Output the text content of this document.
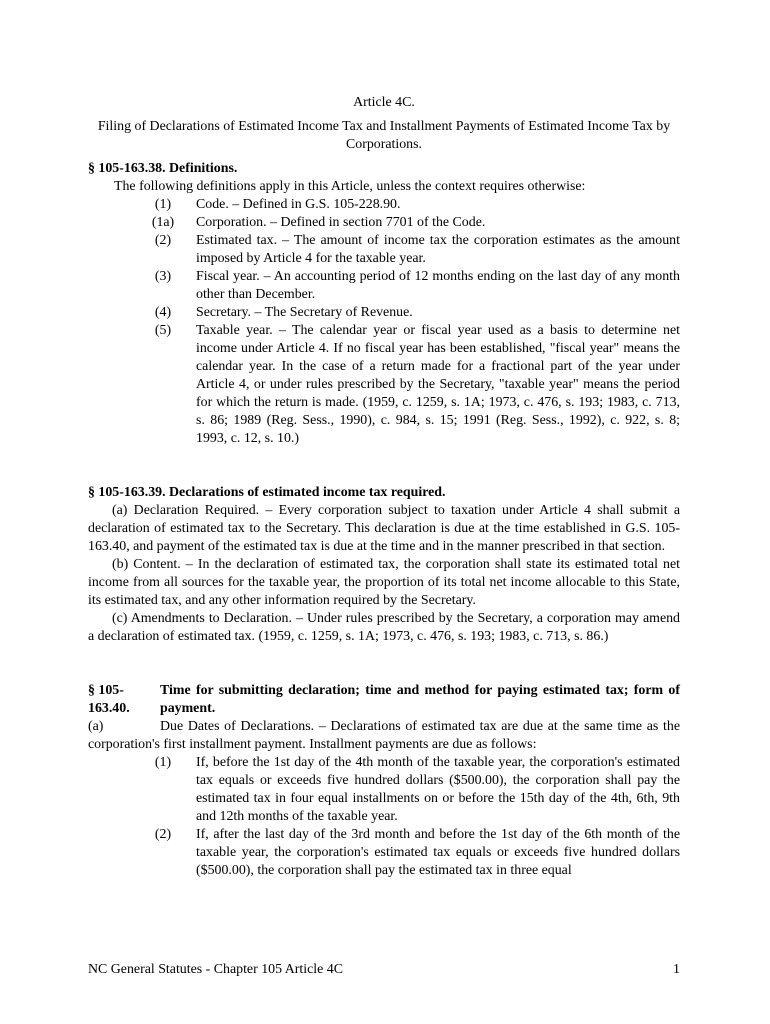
Article 4C.

Filing of Declarations of Estimated Income Tax and Installment Payments of Estimated Income Tax by Corporations.

§ 105-163.38. Definitions.

The following definitions apply in this Article, unless the context requires otherwise:

(1)	Code. – Defined in G.S. 105-228.90.
(1a)	Corporation. – Defined in section 7701 of the Code.
(2)	Estimated tax. – The amount of income tax the corporation estimates as the amount imposed by Article 4 for the taxable year.
(3)	Fiscal year. – An accounting period of 12 months ending on the last day of any month other than December.
(4)	Secretary. – The Secretary of Revenue.
(5)	Taxable year. – The calendar year or fiscal year used as a basis to determine net income under Article 4. If no fiscal year has been established, "fiscal year" means the calendar year. In the case of a return made for a fractional part of the year under Article 4, or under rules prescribed by the Secretary, "taxable year" means the period for which the return is made. (1959, c. 1259, s. 1A; 1973, c. 476, s. 193; 1983, c. 713, s. 86; 1989 (Reg. Sess., 1990), c. 984, s. 15; 1991 (Reg. Sess., 1992), c. 922, s. 8; 1993, c. 12, s. 10.)

§ 105-163.39. Declarations of estimated income tax required.

(a) Declaration Required. – Every corporation subject to taxation under Article 4 shall submit a declaration of estimated tax to the Secretary. This declaration is due at the time established in G.S. 105-163.40, and payment of the estimated tax is due at the time and in the manner prescribed in that section.

(b) Content. – In the declaration of estimated tax, the corporation shall state its estimated total net income from all sources for the taxable year, the proportion of its total net income allocable to this State, its estimated tax, and any other information required by the Secretary.

(c) Amendments to Declaration. – Under rules prescribed by the Secretary, a corporation may amend a declaration of estimated tax. (1959, c. 1259, s. 1A; 1973, c. 476, s. 193; 1983, c. 713, s. 86.)

§ 105-163.40.
Time for submitting declaration; time and method for paying estimated tax; form of payment.

(a)	Due Dates of Declarations. – Declarations of estimated tax are due at the same time as the corporation's first installment payment. Installment payments are due as follows:

(1)	If, before the 1st day of the 4th month of the taxable year, the corporation's estimated tax equals or exceeds five hundred dollars ($500.00), the corporation shall pay the estimated tax in four equal installments on or before the 15th day of the 4th, 6th, 9th and 12th months of the taxable year.
(2)	If, after the last day of the 3rd month and before the 1st day of the 6th month of the taxable year, the corporation's estimated tax equals or exceeds five hundred dollars ($500.00), the corporation shall pay the estimated tax in three equal
NC General Statutes - Chapter 105 Article 4C	1
